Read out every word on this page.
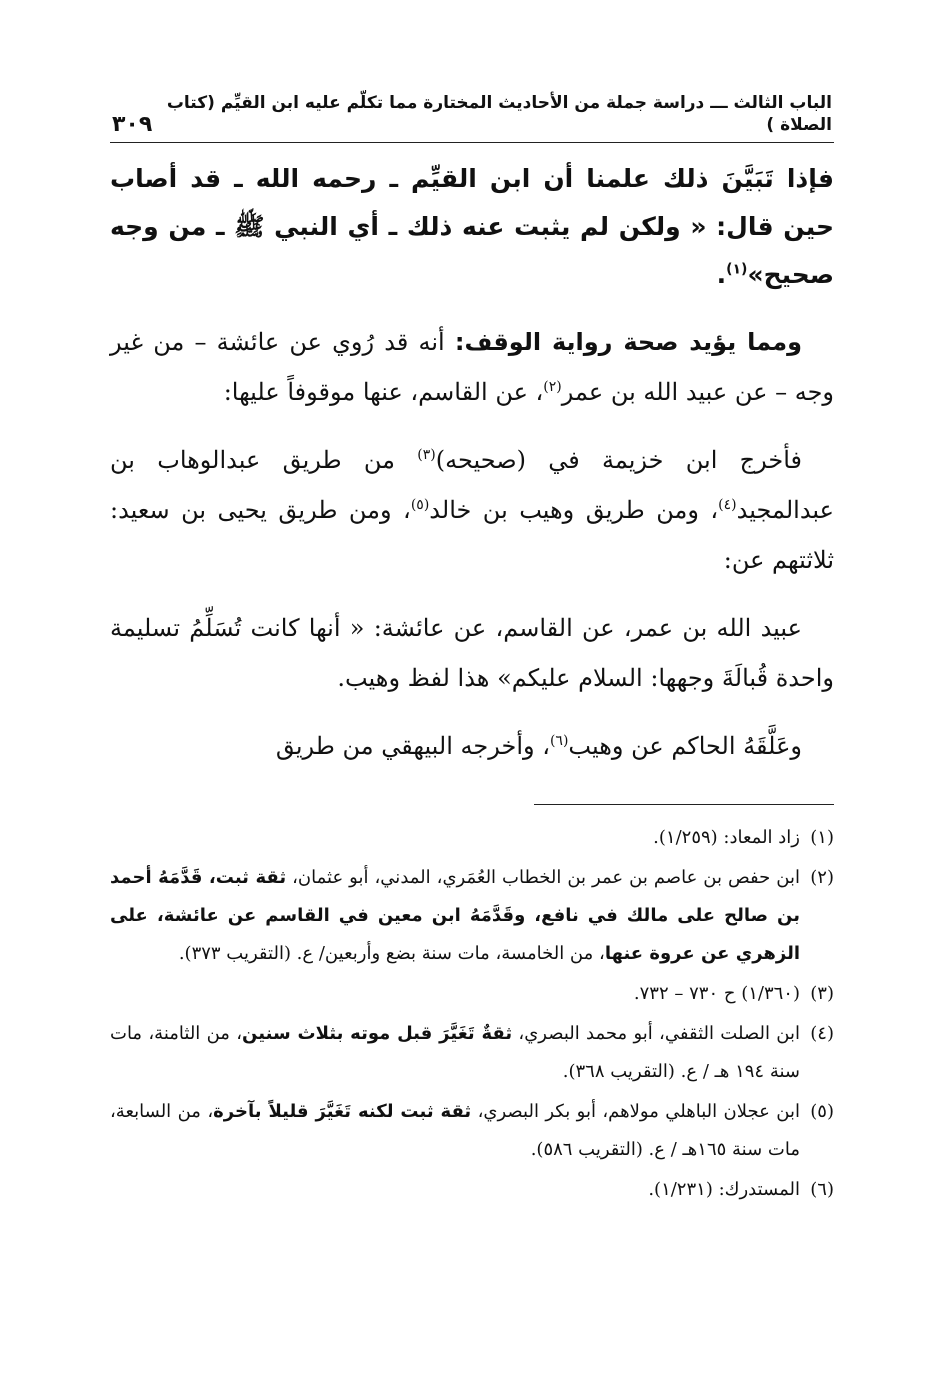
الباب الثالث ـــ دراسة جملة من الأحاديث المختارة مما تكلّم عليه ابن القيِّم (كتاب الصلاة )
٣٠٩

فإذا تَبَيَّنَ ذلك علمنا أن ابن القيِّم ـ رحمه الله ـ قد أصاب حين قال: « ولكن لم يثبت عنه ذلك ـ أي النبي ﷺ ـ من وجه صحيح»$^{(١)}$.

ومما يؤيد صحة رواية الوقف: أنه قد رُوي عن عائشة – من غير وجه – عن عبيد الله بن عمر$^{(٢)}$، عن القاسم، عنها موقوفاً عليها:

فأخرج ابن خزيمة في (صحيحه)$^{(٣)}$ من طريق عبدالوهاب بن عبدالمجيد$^{(٤)}$، ومن طريق وهيب بن خالد$^{(٥)}$، ومن طريق يحيى بن سعيد: ثلاثتهم عن:

عبيد الله بن عمر، عن القاسم، عن عائشة: « أنها كانت تُسَلِّمُ تسليمة واحدة قُبالَةَ وجهها: السلام عليكم» هذا لفظ وهيب.

وعَلَّقَهُ الحاكم عن وهيب$^{(٦)}$، وأخرجه البيهقي من طريق

(١)
زاد المعاد: (١/٢٥٩).

(٢)
ابن حفص بن عاصم بن عمر بن الخطاب العُمَري، المدني، أبو عثمان، ثقة ثبت، قَدَّمَهُ أحمد بن صالح على مالك في نافع، وقَدَّمَهُ ابن معين في القاسم عن عائشة، على الزهري عن عروة عنها، من الخامسة، مات سنة بضع وأربعين/ ع. (التقريب ٣٧٣).

(٣)
(١/٣٦٠) ح ٧٣٠ – ٧٣٢.

(٤)
ابن الصلت الثقفي، أبو محمد البصري، ثقةٌ تَغَيَّرَ قبل موته بثلاث سنين، من الثامنة، مات سنة ١٩٤ هـ / ع. (التقريب ٣٦٨).

(٥)
ابن عجلان الباهلي مولاهم، أبو بكر البصري، ثقة ثبت لكنه تَغَيَّرَ قليلاً بآخرة، من السابعة، مات سنة ١٦٥هـ / ع. (التقريب ٥٨٦).

(٦)
المستدرك: (١/٢٣١).
